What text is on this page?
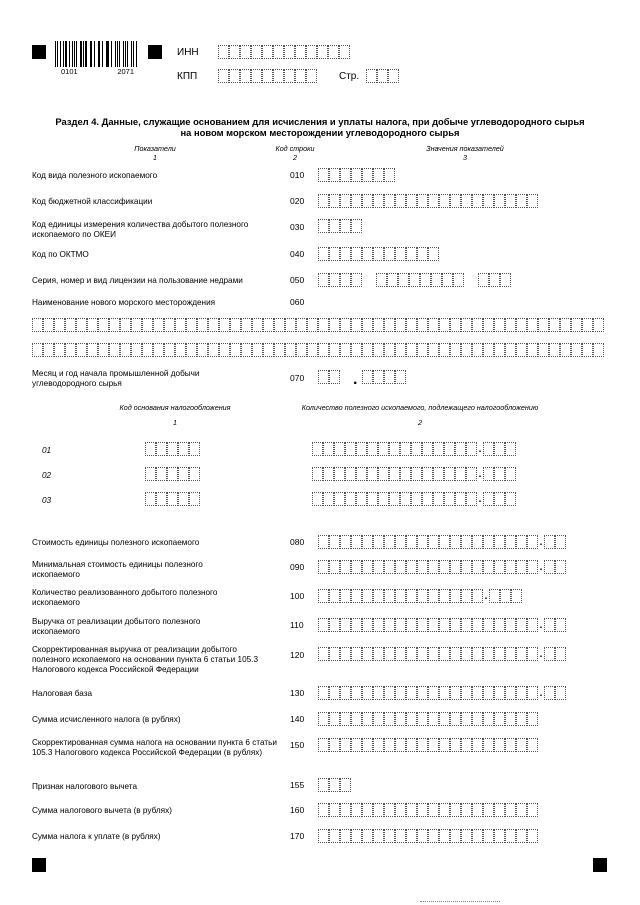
0101	2071
ИНН
КПП	Стр.
Раздел 4. Данные, служащие основанием для исчисления и уплаты налога, при добыче углеводородного сырья
на новом морском месторождении углеводородного сырья
Показатели
1
Код строки
2
Значения показателей
3
Код вида полезного ископаемого	010
Код бюджетной классификации	020
Код единицы измерения количества добытого полезного ископаемого по ОКЕИ
030
Код по ОКТМО	040
Серия, номер и вид лицензии на пользование недрами	050
Наименование нового морского месторождения	060
Месяц и год начала промышленной добычи углеводородного сырья
070	.
Код основания налогообложения
1
Количество полезного ископаемого, подлежащего налогообложению
2
01	.
02	.
03	.
Стоимость единицы полезного ископаемого	080	.
Минимальная стоимость единицы полезного ископаемого
090	.
Количество реализованного добытого полезного ископаемого
100	.
Выручка от реализации добытого полезного ископаемого
110	.
Скорректированная выручка от реализации добытого полезного ископаемого на основании пункта 6 статьи 105.3 Налогового кодекса Российской Федерации
120	.
Налоговая база	130	.
Сумма исчисленного налога (в рублях)	140
Скорректированная сумма налога на основании пункта 6 статьи 105.3 Налогового кодекса Российской Федерации (в рублях)
150
Признак налогового вычета	155
Сумма налогового вычета (в рублях)	160
Сумма налога к уплате (в рублях)	170
